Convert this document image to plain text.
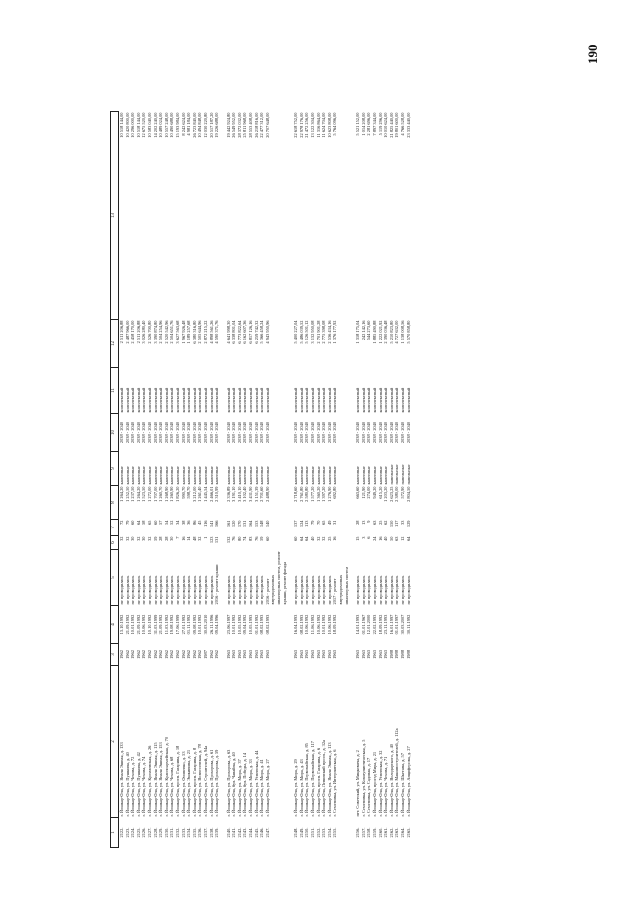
190
1	2	3	4	5	6	7	8	9	10	11	12	13
2122.	г. Йошкар-Ола, ул. Яналя Эшпая, д. 133	1962	13.10.1992	не проводилась	32	72	1 264,20	каменные	2038 - 2040	комплексный	2 511 206,88	10 518 144,00
2123.	г. Йошкар-Ола, ул. Пушкина, д. 40	1962	21.09.1992	не проводилась	32	79	1 252,50	каменные	2038 - 2040	комплексный	2 487 966,00	10 420 800,00
2124.	г. Йошкар-Ола, ул. Чехова, д. 72	1962	10.01.1992	не проводилась	30	60	1 237,50	каменные	2038 - 2040	комплексный	2 458 170,00	10 296 000,00
2125.	г. Йошкар-Ола, ул. Пушкина, д. 42	1962	21.09.1992	не проводилась	32	64	1 264,20	каменные	2038 - 2040	комплексный	2 511 206,88	10 518 144,00
2126.	г. Йошкар-Ола, ул. Чехова, д. 74	1962	10.06.1992	не проводилась	30	58	1 523,50	каменные	2038 - 2040	комплексный	3 026 280,40	12 675 520,00
2127.	г. Йошкар-Ола, ул. Кремлевская, д. 26	1962	10.10.1992	не проводилась	32	65	1 272,00	каменные	2038 - 2040	комплексный	2 526 700,80	10 583 040,00
2128.	г. Йошкар-Ола, ул. Яналя Эшпая, д. 115	1962	31.03.1999	не проводилась	59	60	1 707,00	каменные	2038 - 2040	комплексный	3 390 874,80	14 202 240,00
2129.	г. Йошкар-Ола, ул. Яналя Эшпая, д. 153	1962	21.09.1992	не проводилась	28	57	1 260,70	каменные	2038 - 2040	комплексный	2 504 254,96	10 489 024,00
2130.	г. Йошкар-Ола, ул. Красноармейская, д. 70	1962	11.03.1992	не проводилась	28	54	1 268,90	каменные	2038 - 2040	комплексный	2 520 542,96	10 557 248,00
2131.	г. Йошкар-Ола, ул. Чехова, д. 68	1962	19.08.1992	не проводилась	30	52	1 260,90	каменные	2038 - 2040	комплексный	2 504 651,76	10 490 688,00
2132.	г. Йошкар-Ола, просп. Гагарина, д. 18	1962	17.06.1999	не проводилась	7	34	1 826,20	каменные	2038 - 2040	комплексный	3 627 563,68	15 193 984,00
2133.	г. Йошкар-Ола, ул. Осипенко, д. 53	1962	27.01.1992	не проводилась	16	38	990,70	каменные	2038 - 2040	комплексный	1 967 926,48	8 242 624,00
2134.	г. Йошкар-Ола, ул. Эшкинина, д. 21	1962	01.11.1992	не проводилась	14	36	598,70	каменные	2038 - 2040	комплексный	1 189 257,68	4 981 184,00
2135.	г. Йошкар-Ола, просп. Гагарина, д. 8	1962	09.08.1992	не проводилась	48	86	3 212,00	каменные	2038 - 2040	комплексный	6 380 316,80	26 723 840,00
2136.	г. Йошкар-Ола, ул. Вознесенская, д. 78	1962	10.01.1992	не проводилась	32	45	1 261,40	каменные	2038 - 2040	комплексный	2 505 644,96	10 494 848,00
2137.	г. Йошкар-Ола, ул. Строителей, д. 94а	1987	30.03.2010	не проводилась	1	116	1 445,54	каменные	2038 - 2040	комплексный	2 872 215,22	12 030 220,80
2138.	г. Йошкар-Ола, ул. Прохорова, д. 61	1962	26.11.1996	не проводилась	123	141	2 466,01	каменные	2038 - 2040	комплексный	4 898 561,26	20 517 187,20
2139.	г. Йошкар-Ола, ул. Прохорова, д. 59	1962	09.04.1996	2016 - ремонт крыши	131	166	2 310,99	каменные	2038 - 2040	комплексный	4 590 371,76	19 226 688,00

2140.	г. Йошкар-Ола, ул. Прохорова, д. 63	1963	23.06.1997	не проводилась	132	161	2 336,89	каменные	2038 - 2040	комплексный	4 641 998,30	19 442 924,80
2141.	г. Йошкар-Ола, бул. Чавайна, д. 40	1963	10.01.1992	не проводилась	76	120	3 191,10	каменные	2038 - 2040	комплексный	6 338 801,04	26 549 952,00
2142.	г. Йошкар-Ола, ул. Мира, д. 37	1963	10.05.1992	не проводилась	80	170	3 410,10	каменные	2038 - 2040	комплексный	6 773 822,64	28 372 032,00
2143.	г. Йошкар-Ола, бул. Победы, д. 14	1963	09.04.1992	не проводилась	74	131	3 102,40	каменные	2038 - 2040	комплексный	6 162 607,36	25 811 968,00
2144.	г. Йошкар-Ола, ул. Мира, д. 33	1963	10.05.1993	не проводилась	83	164	3 431,90	каменные	2038 - 2040	комплексный	6 817 126,16	28 553 408,00
2145.	г. Йошкар-Ола, ул. Успенская, д. 44	1963	01.01.1992	не проводилась	76	153	3 151,39	каменные	2038 - 2040	комплексный	6 259 742,32	26 218 816,00
2146.	г. Йошкар-Ола, ул. Мира, д. 41	1963	08.02.1993	не проводилась	59	148	2 701,60	каменные	2038 - 2040	комплексный	5 366 458,24	22 477 312,00
2147.	г. Йошкар-Ола, ул. Мира, д. 27	1963	08.02.1993	2016 - ремонт внутридомовых инженерных систем, ремонт крыши, ремонт фасада	60	140	2 488,90	каменные	2038 - 2040	комплексный	4 943 950,96	20 707 648,00

2148.	г. Йошкар-Ола, ул. Мира, д. 29	1963	16.04.1993	не проводилась	60	137	2 718,60	каменные	2038 - 2040	комплексный	5 400 227,04	22 618 752,00
2149.	г. Йошкар-Ола, ул. Мира, д. 43	1963	08.02.1993	не проводилась	64	124	2 761,80	каменные	2038 - 2040	комплексный	5 486 039,52	22 978 176,00
2150.	г. Йошкар-Ола, ул. Первомайская, д. 85	1963	10.06.1992	не проводилась	64	113	2 580,80	каменные	2038 - 2040	комплексный	5 126 501,12	21 472 256,00
2151.	г. Йошкар-Ола, ул. Первомайская, д. 117	1963	11.06.1992	не проводилась	40	79	1 577,20	каменные	2038 - 2040	комплексный	3 132 950,08	13 122 304,00
2152.	г. Йошкар-Ола, просп. Гагарина, д. 6	1963	10.06.1992	не проводилась	32	70	1 360,20	каменные	2038 - 2040	комплексный	2 701 901,28	11 316 864,00
2153.	г. Йошкар-Ола, Ленинский просп., д. 32а	1963	10.01.1992	не проводилась	32	65	1 397,20	каменные	2038 - 2040	комплексный	2 775 398,08	11 624 704,00
2154.	г. Йошкар-Ола, ул. Яналя Эшпая, д. 113	1963	10.06.1992	не проводилась	25	49	1 276,90	каменные	2038 - 2040	комплексный	2 536 434,16	10 623 808,00
2155.	г. Семеновка, ул. Интернатская, д. 6	1963	18.09.1992	2017 - ремонт внутридомовых инженерных систем	16	31	692,80	каменные	2038 - 2040	комплексный	1 376 177,92	5 764 096,00

2156.	пгт. Советский, ул. Мицкевича, д. 2	1963	14.01.1993	не проводилась	15	28	663,60	каменные	2038 - 2040	комплексный	1 318 175,04	5 521 152,00
2157.	г. Семеновка, ул. Коммунистическая, д. 5	1963	01.01.1967	не проводилась	3	13	121,90	каменные	2038 - 2040	комплексный	242 142,16	1 014 208,00
2158.	г. Семеновка, ул. Садовая, д. 17	1963	12.01.2000	не проводилась	6	9	274,00	каменные	2038 - 2040	комплексный	544 273,60	2 281 696,00
2159.	г. Йошкар-Ола, проезд Мира, д. 21	1963	22.02.1993	не проводилась	24	63	949,20	каменные	2038 - 2040	комплексный	1 885 490,88	7 897 344,00
2160.	г. Йошкар-Ола, ул. Успенская, д. 32	1963	18.09.1992	не проводилась	16	25	615,20	каменные	2038 - 2040	комплексный	1 222 021,92	5 119 296,00
2161.	г. Йошкар-Ола, ул. Чехова, д. 71	1963	23.11.1993	не проводилась	40	62	1 203,20	каменные	2038 - 2040	комплексный	2 390 036,48	10 010 624,00
2162.	г. Йошкар-Ола, ул. Володарского, д. 40	1988	16.01.1997	не проводилась	50	150	2 623,25	панельные	2038 - 2040	комплексный	5 210 823,80	21 825 440,00
2163.	г. Йошкар-Ола, ул. Машиностроителей, д. 112а	1988	01.01.1997	не проводилась	63	117	2 380,00	панельные	2038 - 2040	комплексный	4 727 632,00	19 801 600,00
2164.	г. Йошкар-Ола, ул. Шкетана, д. 57	1988	30.03.2007	не проводилась	12	33	572,90	панельные	2038 - 2040	комплексный	1 138 008,56	4 766 528,00
2165.	г. Йошкар-Ола, ул. Анциферова, д. 27	1988	30.11.1992	не проводилась	64	129	2 804,50	панельные	2038 - 2040	комплексный	5 570 858,80	23 333 440,00
